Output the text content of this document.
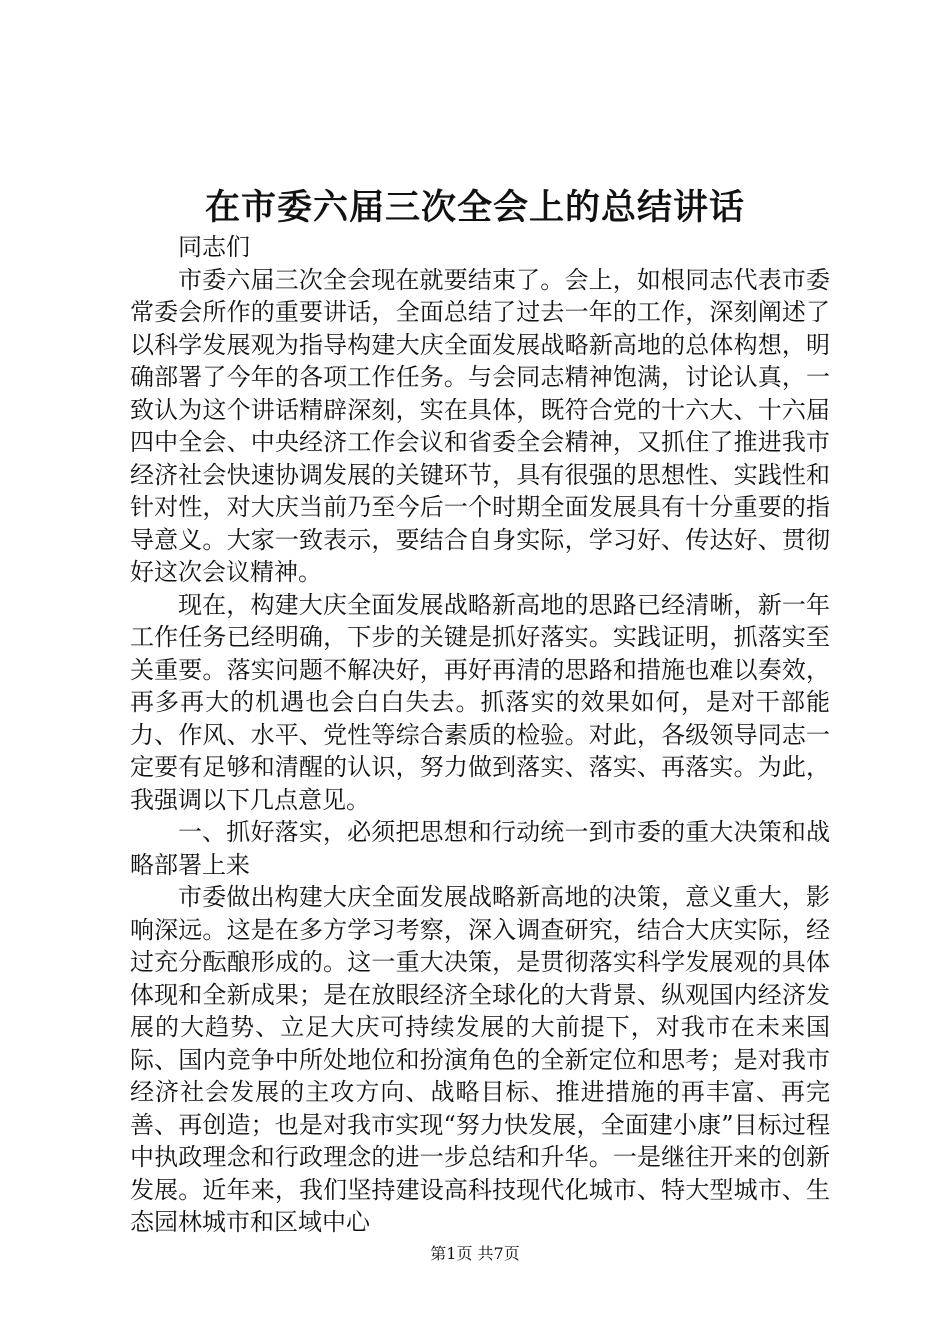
在市委六届三次全会上的总结讲话

同志们

市委六届三次全会现在就要结束了。会上，如根同志代表市委常委会所作的重要讲话，全面总结了过去一年的工作，深刻阐述了以科学发展观为指导构建大庆全面发展战略新高地的总体构想，明确部署了今年的各项工作任务。与会同志精神饱满，讨论认真，一致认为这个讲话精辟深刻，实在具体，既符合党的十六大、十六届四中全会、中央经济工作会议和省委全会精神，又抓住了推进我市经济社会快速协调发展的关键环节，具有很强的思想性、实践性和针对性，对大庆当前乃至今后一个时期全面发展具有十分重要的指导意义。大家一致表示，要结合自身实际，学习好、传达好、贯彻好这次会议精神。

现在，构建大庆全面发展战略新高地的思路已经清晰，新一年工作任务已经明确，下步的关键是抓好落实。实践证明，抓落实至关重要。落实问题不解决好，再好再清的思路和措施也难以奏效，再多再大的机遇也会白白失去。抓落实的效果如何，是对干部能力、作风、水平、党性等综合素质的检验。对此，各级领导同志一定要有足够和清醒的认识，努力做到落实、落实、再落实。为此，我强调以下几点意见。

一、抓好落实，必须把思想和行动统一到市委的重大决策和战略部署上来

市委做出构建大庆全面发展战略新高地的决策，意义重大，影响深远。这是在多方学习考察，深入调查研究，结合大庆实际，经过充分酝酿形成的。这一重大决策，是贯彻落实科学发展观的具体体现和全新成果；是在放眼经济全球化的大背景、纵观国内经济发展的大趋势、立足大庆可持续发展的大前提下，对我市在未来国际、国内竞争中所处地位和扮演角色的全新定位和思考；是对我市经济社会发展的主攻方向、战略目标、推进措施的再丰富、再完善、再创造；也是对我市实现“努力快发展，全面建小康”目标过程中执政理念和行政理念的进一步总结和升华。一是继往开来的创新发展。近年来，我们坚持建设高科技现代化城市、特大型城市、生态园林城市和区域中心

第1页 共7页
